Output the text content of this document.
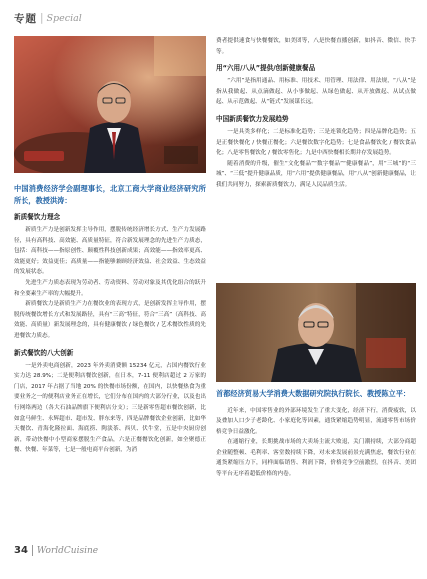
专题 | Special

中国消费经济学会副理事长，北京工商大学商业经济研究所所长，教授洪涛：

新质餐饮力理念

新质生产力是创新发挥主导作用，摆脱传统经济增长方式、生产力发展路径，具有高科技、高效能、高质量特征，符合新发展理念的先进生产力质态，包括：高科技——指原创性、颠覆性科技创新成果；高效能——指效率更高、效能更好；效益更佳；高质量——指能够兼顾经济效益、社会效益、生态效益的发展状态。

先进生产力质态表现为劳动者、劳动资料、劳动对象及其优化组合的跃升和全要素生产率的大幅提升。

新质餐饮力是新质生产力在餐饮业的表现方式，是创新发挥主导作用，摆脱传统餐饮增长方式和发展路径，具有“三高”特征，符合“三高”（高科技、高效能、高质量）新发展理念的，具有健康餐饮 / 绿色餐饮 / 艺术餐饮性质的先进餐饮力质态。

新式餐饮的八大创新

一是外卖电商创新，2023 年外卖消费额 15234 亿元，占国内餐饮行业实力达 28.9%；二是便利店餐饮创新，在日本，7-11 便利店超过 2 万家的门店，2017 年占据了当地 20% 的快餐市场份额，在国内，以快餐热食为重要业务之一的便利店业务正在增长，它们分布在国内的大部分行业，以及也出行网络两边（各大石油品牌旗下便利店分支）；三是新零售超市餐饮创新，比如盒马鲜生、永辉超市、超市发、胖东来等，四是品牌餐饮企业创新，比如华天餐饮、青海化隆拉面、海底捞、陶淡茶、西贝、伏牛堂，五是中央厨房创新，带动快餐中小型商家摆脱生产食品，六是正餐餐饮化创新，如全聚德正餐、快餐、年菜等，七是一般电商平台创新，为消

费者提供速食与快餐餐饮，如美团等，八是快餐直播创新，如抖音、微信、快手等。

用“六用/八从”提供/创新健康餐品

“六用”是指用通品、用标准、用技术、用管理、用法律、用法规，“八从”是指从我做起、从点滴做起、从小事做起、从绿色做起、从开放做起、从试点做起、从示范做起、从“链式”发展谋长远。

中国新质餐饮力发展趋势

一是具类多样化；二是标准化趋势；三是连锁化趋势；四是品牌化趋势；五是正餐快餐化 / 快餐正餐化；六是餐饮数字化趋势；七是食品餐饮化 / 餐饮食品化；八是零售餐饮化 / 餐饮零售化；九是中西快餐相长期并存发展趋势。

随着消费的升级，催生“文化餐品”“数字餐品”“健康餐品”，用“三城”的“三城”、“三低”提升健康品质，用“六用”提供健康餐品，用“八从”创新健康餐品，让我们共同努力，探索新质餐饮力，满足人民品质生活。

首都经济贸易大学消费大数据研究院执行院长、教授陈立平：

近年来，中国零售业的外部环境发生了重大变化，经济下行，消费疲软，以及叠加人口少子老龄化、小家庭化等因素，通货紧缩趋势明显，流通零售市场价格竞争日益激化。

在通缩行业，长期挑战市场的大卖场主流大败退，关门潮持续，大部分商超企业随整顿、毛利率、客堂数持续下降，对未来发展前景充满焦虑，餐饮行业在通货紧缩压力下，同样面临销售、利润下降，价格竞争空前激烈，在抖音、美团等平台无序着超低价格的内卷。

34 WorldCuisine
